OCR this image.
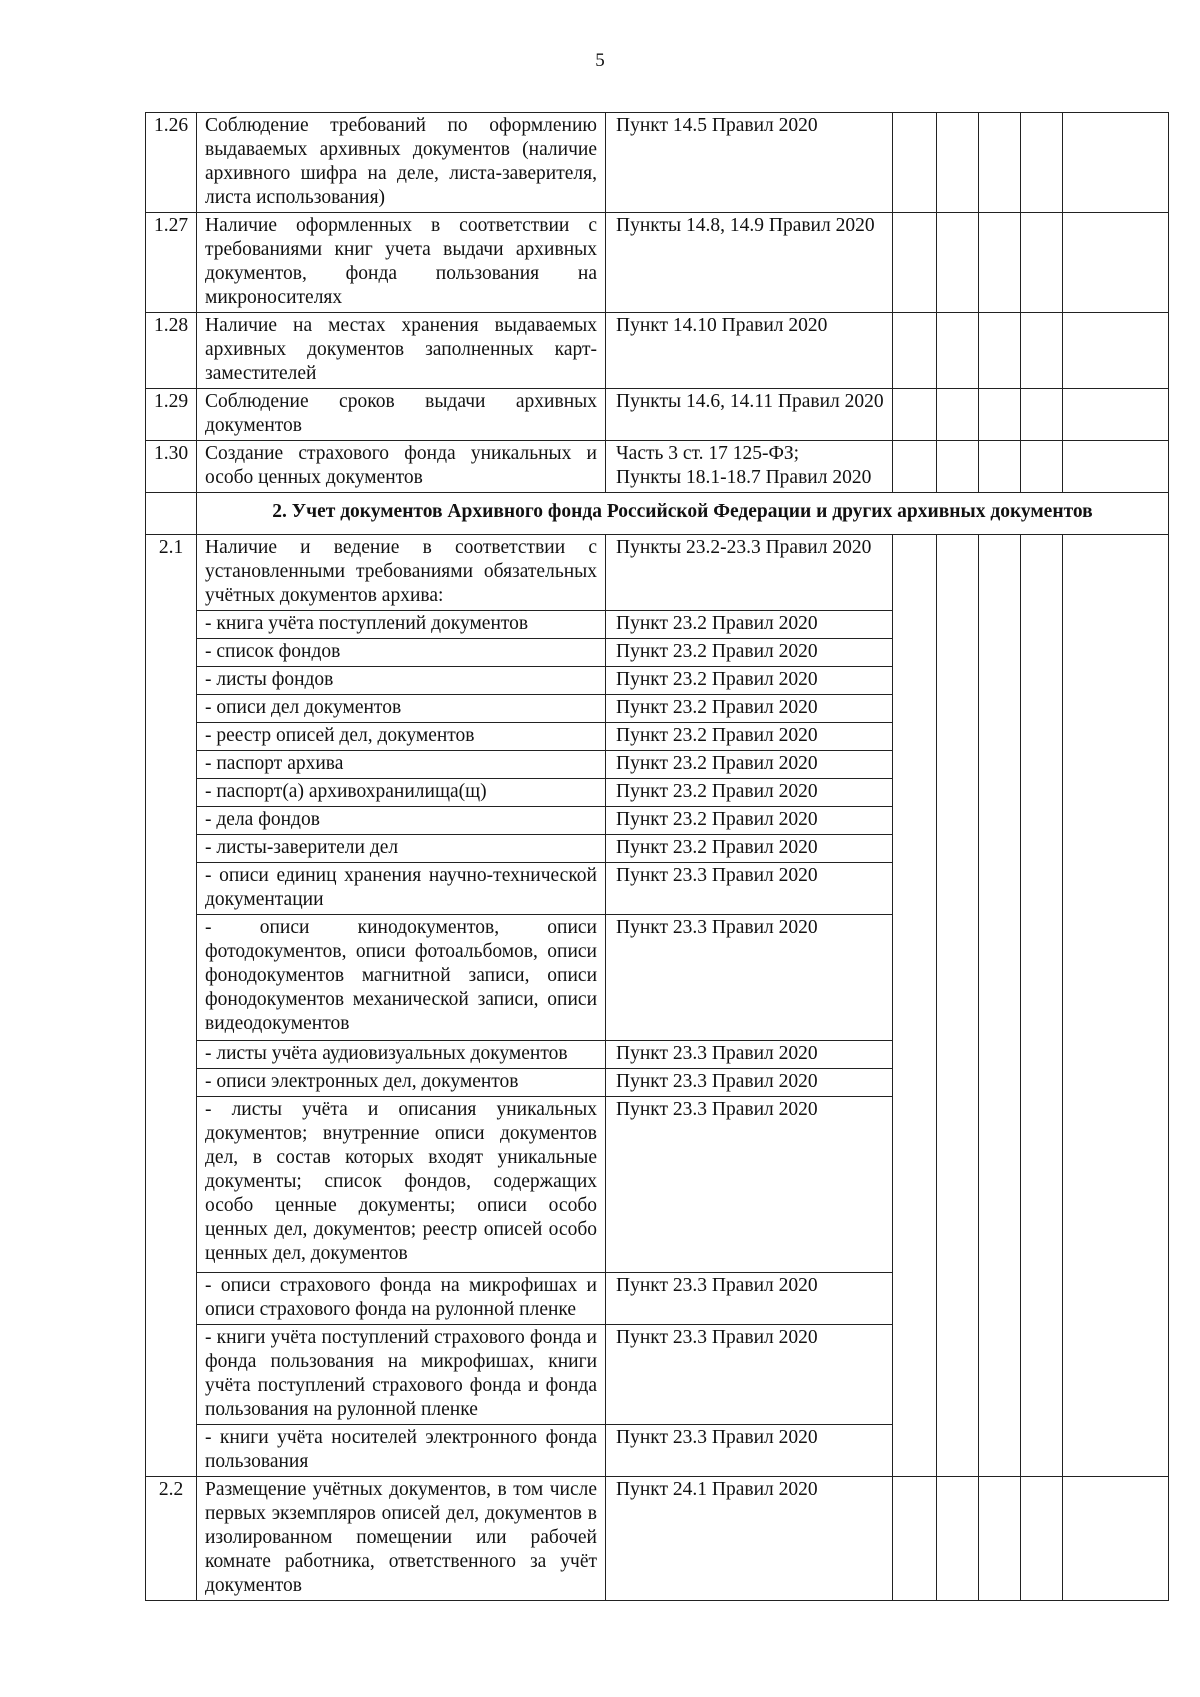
5
1.26	Соблюдение требований по оформлению выдаваемых архивных документов (наличие архивного шифра на деле, листа-заверителя, листа использования)	Пункт 14.5 Правил 2020					
1.27	Наличие оформленных в соответствии с требованиями книг учета выдачи архивных документов, фонда пользования на микроносителях	Пункты 14.8, 14.9 Правил 2020					
1.28	Наличие на местах хранения выдаваемых архивных документов заполненных карт-заместителей	Пункт 14.10 Правил 2020					
1.29	Соблюдение сроков выдачи архивных документов	Пункты 14.6, 14.11 Правил 2020					
1.30	Создание страхового фонда уникальных и особо ценных документов	Часть 3 ст. 17 125-ФЗ;
Пункты 18.1-18.7 Правил 2020					

	2. Учет документов Архивного фонда Российской Федерации и других архивных документов						
2.1	Наличие и ведение в соответствии с установленными требованиями обязательных учётных документов архива:	Пункты 23.2-23.3 Правил 2020					
	- книга учёта поступлений документов	Пункт 23.2 Правил 2020					
	- список фондов	Пункт 23.2 Правил 2020					
	- листы фондов	Пункт 23.2 Правил 2020					
	- описи дел документов	Пункт 23.2 Правил 2020					
	- реестр описей дел, документов	Пункт 23.2 Правил 2020					
	- паспорт архива	Пункт 23.2 Правил 2020					
	- паспорт(а) архивохранилища(щ)	Пункт 23.2 Правил 2020					
	- дела фондов	Пункт 23.2 Правил 2020					
	- листы-заверители дел	Пункт 23.2 Правил 2020					
	- описи единиц хранения научно-технической документации	Пункт 23.3 Правил 2020					
	- описи кинодокументов, описи фотодокументов, описи фотоальбомов, описи фонодокументов магнитной записи, описи фонодокументов механической записи, описи видеодокументов	Пункт 23.3 Правил 2020					
	- листы учёта аудиовизуальных документов	Пункт 23.3 Правил 2020					
	- описи электронных дел, документов	Пункт 23.3 Правил 2020					
	- листы учёта и описания уникальных документов; внутренние описи документов дел, в состав которых входят уникальные документы; список фондов, содержащих особо ценные документы; описи особо ценных дел, документов; реестр описей особо ценных дел, документов	Пункт 23.3 Правил 2020					
	- описи страхового фонда на микрофишах и описи страхового фонда на рулонной пленке	Пункт 23.3 Правил 2020					
	- книги учёта поступлений страхового фонда и фонда пользования на микрофишах, книги учёта поступлений страхового фонда и фонда пользования на рулонной пленке	Пункт 23.3 Правил 2020					
	- книги учёта носителей электронного фонда пользования	Пункт 23.3 Правил 2020					
2.2	Размещение учётных документов, в том числе первых экземпляров описей дел, документов в изолированном помещении или рабочей комнате работника, ответственного за учёт документов	Пункт 24.1 Правил 2020					
